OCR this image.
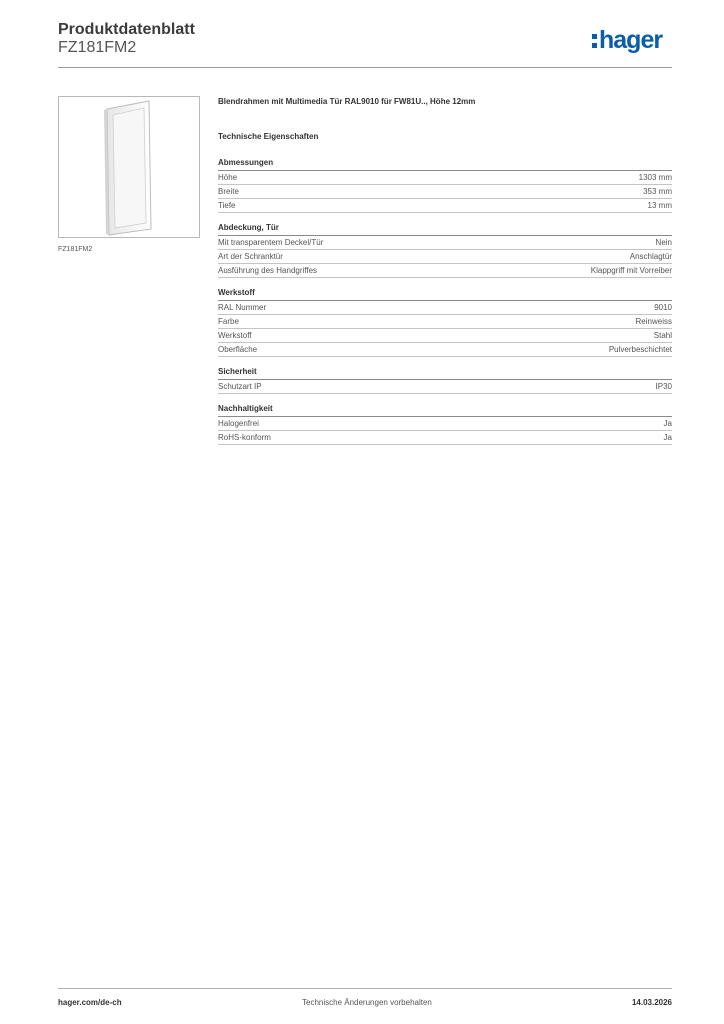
Produktdatenblatt
FZ181FM2	hager
FZ181FM2
Blendrahmen mit Multimedia Tür RAL9010 für FW81U.., Höhe 12mm
Technische Eigenschaften
Abmessungen
Höhe	1303 mm
Breite	353 mm
Tiefe	13 mm
Abdeckung, Tür
Mit transparentem Deckel/Tür	Nein
Art der Schranktür	Anschlagtür
Ausführung des Handgriffes	Klappgriff mit Vorreiber
Werkstoff
RAL Nummer	9010
Farbe	Reinweiss
Werkstoff	Stahl
Oberfläche	Pulverbeschichtet
Sicherheit
Schutzart IP	IP30
Nachhaltigkeit
Halogenfrei	Ja
RoHS-konform	Ja
hager.com/de-ch	Technische Änderungen vorbehalten	14.03.2026
